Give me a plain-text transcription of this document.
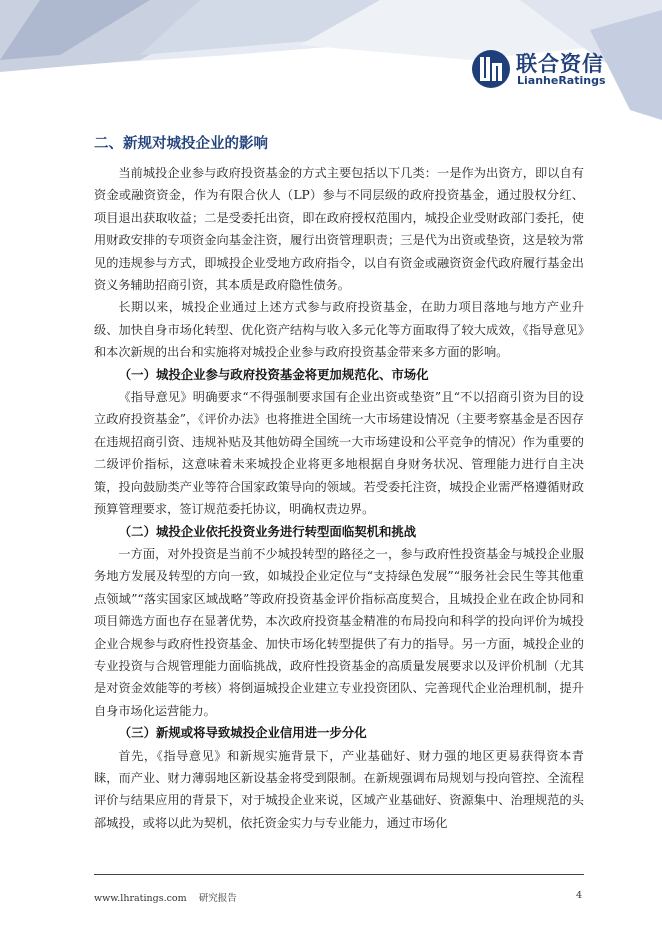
联合资信
LianheRatings
二、新规对城投企业的影响

当前城投企业参与政府投资基金的方式主要包括以下几类：一是作为出资方，即以自有资金或融资资金，作为有限合伙人（LP）参与不同层级的政府投资基金，通过股权分红、项目退出获取收益；二是受委托出资，即在政府授权范围内，城投企业受财政部门委托，使用财政安排的专项资金向基金注资，履行出资管理职责；三是代为出资或垫资，这是较为常见的违规参与方式，即城投企业受地方政府指令，以自有资金或融资资金代政府履行基金出资义务辅助招商引资，其本质是政府隐性债务。

长期以来，城投企业通过上述方式参与政府投资基金，在助力项目落地与地方产业升级、加快自身市场化转型、优化资产结构与收入多元化等方面取得了较大成效，《指导意见》和本次新规的出台和实施将对城投企业参与政府投资基金带来多方面的影响。

（一）城投企业参与政府投资基金将更加规范化、市场化

《指导意见》明确要求“不得强制要求国有企业出资或垫资”且“不以招商引资为目的设立政府投资基金”，《评价办法》也将推进全国统一大市场建设情况（主要考察基金是否因存在违规招商引资、违规补贴及其他妨碍全国统一大市场建设和公平竞争的情况）作为重要的二级评价指标，这意味着未来城投企业将更多地根据自身财务状况、管理能力进行自主决策，投向鼓励类产业等符合国家政策导向的领域。若受委托注资，城投企业需严格遵循财政预算管理要求，签订规范委托协议，明确权责边界。

（二）城投企业依托投资业务进行转型面临契机和挑战

一方面，对外投资是当前不少城投转型的路径之一，参与政府性投资基金与城投企业服务地方发展及转型的方向一致，如城投企业定位与“支持绿色发展”“服务社会民生等其他重点领域”“落实国家区域战略”等政府投资基金评价指标高度契合，且城投企业在政企协同和项目筛选方面也存在显著优势，本次政府投资基金精准的布局投向和科学的投向评价为城投企业合规参与政府性投资基金、加快市场化转型提供了有力的指导。另一方面，城投企业的专业投资与合规管理能力面临挑战，政府性投资基金的高质量发展要求以及评价机制（尤其是对资金效能等的考核）将倒逼城投企业建立专业投资团队、完善现代企业治理机制，提升自身市场化运营能力。

（三）新规或将导致城投企业信用进一步分化

首先，《指导意见》和新规实施背景下，产业基础好、财力强的地区更易获得资本青睐，而产业、财力薄弱地区新设基金将受到限制。在新规强调布局规划与投向管控、全流程评价与结果应用的背景下，对于城投企业来说，区域产业基础好、资源集中、治理规范的头部城投，或将以此为契机，依托资金实力与专业能力，通过市场化

www.lhratings.com 研究报告	4
